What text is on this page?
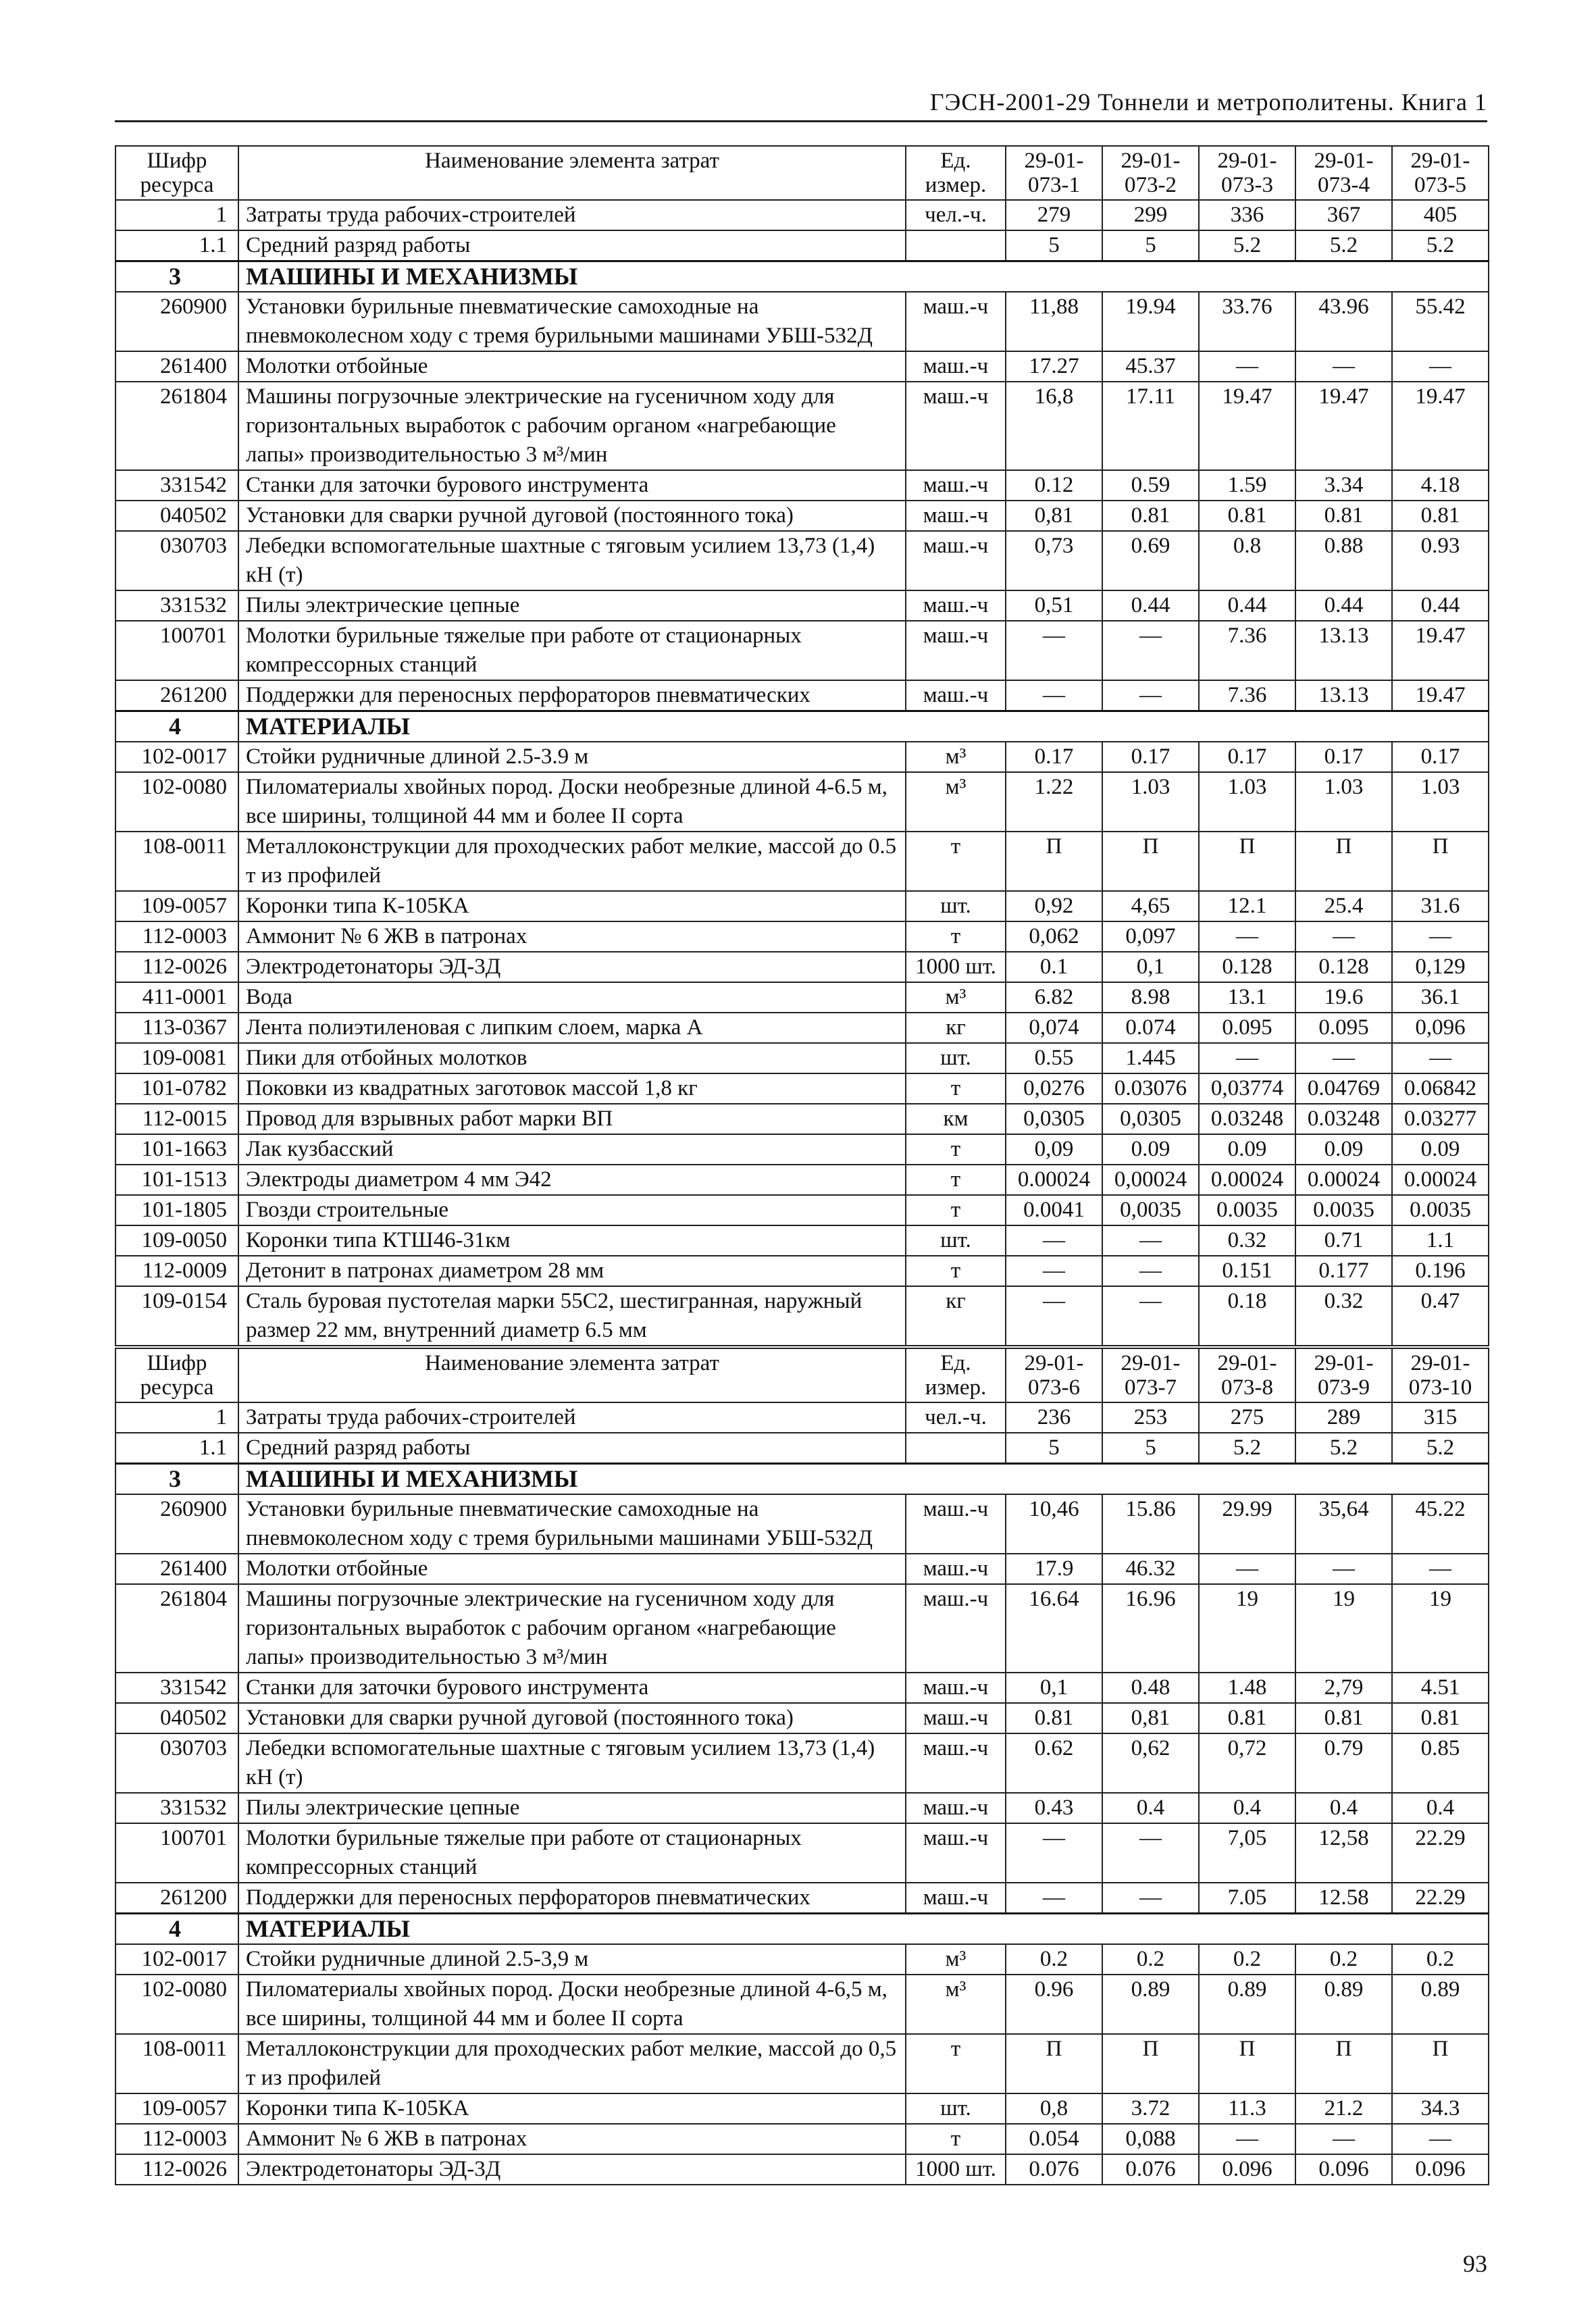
ГЭСН-2001-29 Тоннели и метрополитены. Книга 1
Шифр ресурса	Наименование элемента затрат	Ед. измер.	29-01-073-1	29-01-073-2	29-01-073-3	29-01-073-4	29-01-073-5
1	Затраты труда рабочих-строителей	чел.-ч.	279	299	336	367	405
1.1	Средний разряд работы		5	5	5.2	5.2	5.2
3	МАШИНЫ И МЕХАНИЗМЫ						
260900	Установки бурильные пневматические самоходные на пневмоколесном ходу с тремя бурильными машинами УБШ-532Д	маш.-ч	11,88	19.94	33.76	43.96	55.42
261400	Молотки отбойные	маш.-ч	17.27	45.37	—	—	—
261804	Машины погрузочные электрические на гусеничном ходу для горизонтальных выработок с рабочим органом «нагребающие лапы» производительностью 3 м³/мин	маш.-ч	16,8	17.11	19.47	19.47	19.47
331542	Станки для заточки бурового инструмента	маш.-ч	0.12	0.59	1.59	3.34	4.18
040502	Установки для сварки ручной дуговой (постоянного тока)	маш.-ч	0,81	0.81	0.81	0.81	0.81
030703	Лебедки вспомогательные шахтные с тяговым усилием 13,73 (1,4) кН (т)	маш.-ч	0,73	0.69	0.8	0.88	0.93
331532	Пилы электрические цепные	маш.-ч	0,51	0.44	0.44	0.44	0.44
100701	Молотки бурильные тяжелые при работе от стационарных компрессорных станций	маш.-ч	—	—	7.36	13.13	19.47
261200	Поддержки для переносных перфораторов пневматических	маш.-ч	—	—	7.36	13.13	19.47
4	МАТЕРИАЛЫ						
102-0017	Стойки рудничные длиной 2.5-3.9 м	м³	0.17	0.17	0.17	0.17	0.17
102-0080	Пиломатериалы хвойных пород. Доски необрезные длиной 4-6.5 м, все ширины, толщиной 44 мм и более II сорта	м³	1.22	1.03	1.03	1.03	1.03
108-0011	Металлоконструкции для проходческих работ мелкие, массой до 0.5 т из профилей	т	П	П	П	П	П
109-0057	Коронки типа К-105КА	шт.	0,92	4,65	12.1	25.4	31.6
112-0003	Аммонит № 6 ЖВ в патронах	т	0,062	0,097	—	—	—
112-0026	Электродетонаторы ЭД-3Д	1000 шт.	0.1	0,1	0.128	0.128	0,129
411-0001	Вода	м³	6.82	8.98	13.1	19.6	36.1
113-0367	Лента полиэтиленовая с липким слоем, марка А	кг	0,074	0.074	0.095	0.095	0,096
109-0081	Пики для отбойных молотков	шт.	0.55	1.445	—	—	—
101-0782	Поковки из квадратных заготовок массой 1,8 кг	т	0,0276	0.03076	0,03774	0.04769	0.06842
112-0015	Провод для взрывных работ марки ВП	км	0,0305	0,0305	0.03248	0.03248	0.03277
101-1663	Лак кузбасский	т	0,09	0.09	0.09	0.09	0.09
101-1513	Электроды диаметром 4 мм Э42	т	0.00024	0,00024	0.00024	0.00024	0.00024
101-1805	Гвозди строительные	т	0.0041	0,0035	0.0035	0.0035	0.0035
109-0050	Коронки типа КТШ46-31км	шт.	—	—	0.32	0.71	1.1
112-0009	Детонит в патронах диаметром 28 мм	т	—	—	0.151	0.177	0.196
109-0154	Сталь буровая пустотелая марки 55С2, шестигранная, наружный размер 22 мм, внутренний диаметр 6.5 мм	кг	—	—	0.18	0.32	0.47
Шифр ресурса	Наименование элемента затрат	Ед. измер.	29-01-073-6	29-01-073-7	29-01-073-8	29-01-073-9	29-01-073-10
1	Затраты труда рабочих-строителей	чел.-ч.	236	253	275	289	315
1.1	Средний разряд работы		5	5	5.2	5.2	5.2
3	МАШИНЫ И МЕХАНИЗМЫ						
260900	Установки бурильные пневматические самоходные на пневмоколесном ходу с тремя бурильными машинами УБШ-532Д	маш.-ч	10,46	15.86	29.99	35,64	45.22
261400	Молотки отбойные	маш.-ч	17.9	46.32	—	—	—
261804	Машины погрузочные электрические на гусеничном ходу для горизонтальных выработок с рабочим органом «нагребающие лапы» производительностью 3 м³/мин	маш.-ч	16.64	16.96	19	19	19
331542	Станки для заточки бурового инструмента	маш.-ч	0,1	0.48	1.48	2,79	4.51
040502	Установки для сварки ручной дуговой (постоянного тока)	маш.-ч	0.81	0,81	0.81	0.81	0.81
030703	Лебедки вспомогательные шахтные с тяговым усилием 13,73 (1,4) кН (т)	маш.-ч	0.62	0,62	0,72	0.79	0.85
331532	Пилы электрические цепные	маш.-ч	0.43	0.4	0.4	0.4	0.4
100701	Молотки бурильные тяжелые при работе от стационарных компрессорных станций	маш.-ч	—	—	7,05	12,58	22.29
261200	Поддержки для переносных перфораторов пневматических	маш.-ч	—	—	7.05	12.58	22.29
4	МАТЕРИАЛЫ						
102-0017	Стойки рудничные длиной 2.5-3,9 м	м³	0.2	0.2	0.2	0.2	0.2
102-0080	Пиломатериалы хвойных пород. Доски необрезные длиной 4-6,5 м, все ширины, толщиной 44 мм и более II сорта	м³	0.96	0.89	0.89	0.89	0.89
108-0011	Металлоконструкции для проходческих работ мелкие, массой до 0,5 т из профилей	т	П	П	П	П	П
109-0057	Коронки типа К-105КА	шт.	0,8	3.72	11.3	21.2	34.3
112-0003	Аммонит № 6 ЖВ в патронах	т	0.054	0,088	—	—	—
112-0026	Электродетонаторы ЭД-3Д	1000 шт.	0.076	0.076	0.096	0.096	0.096
93
